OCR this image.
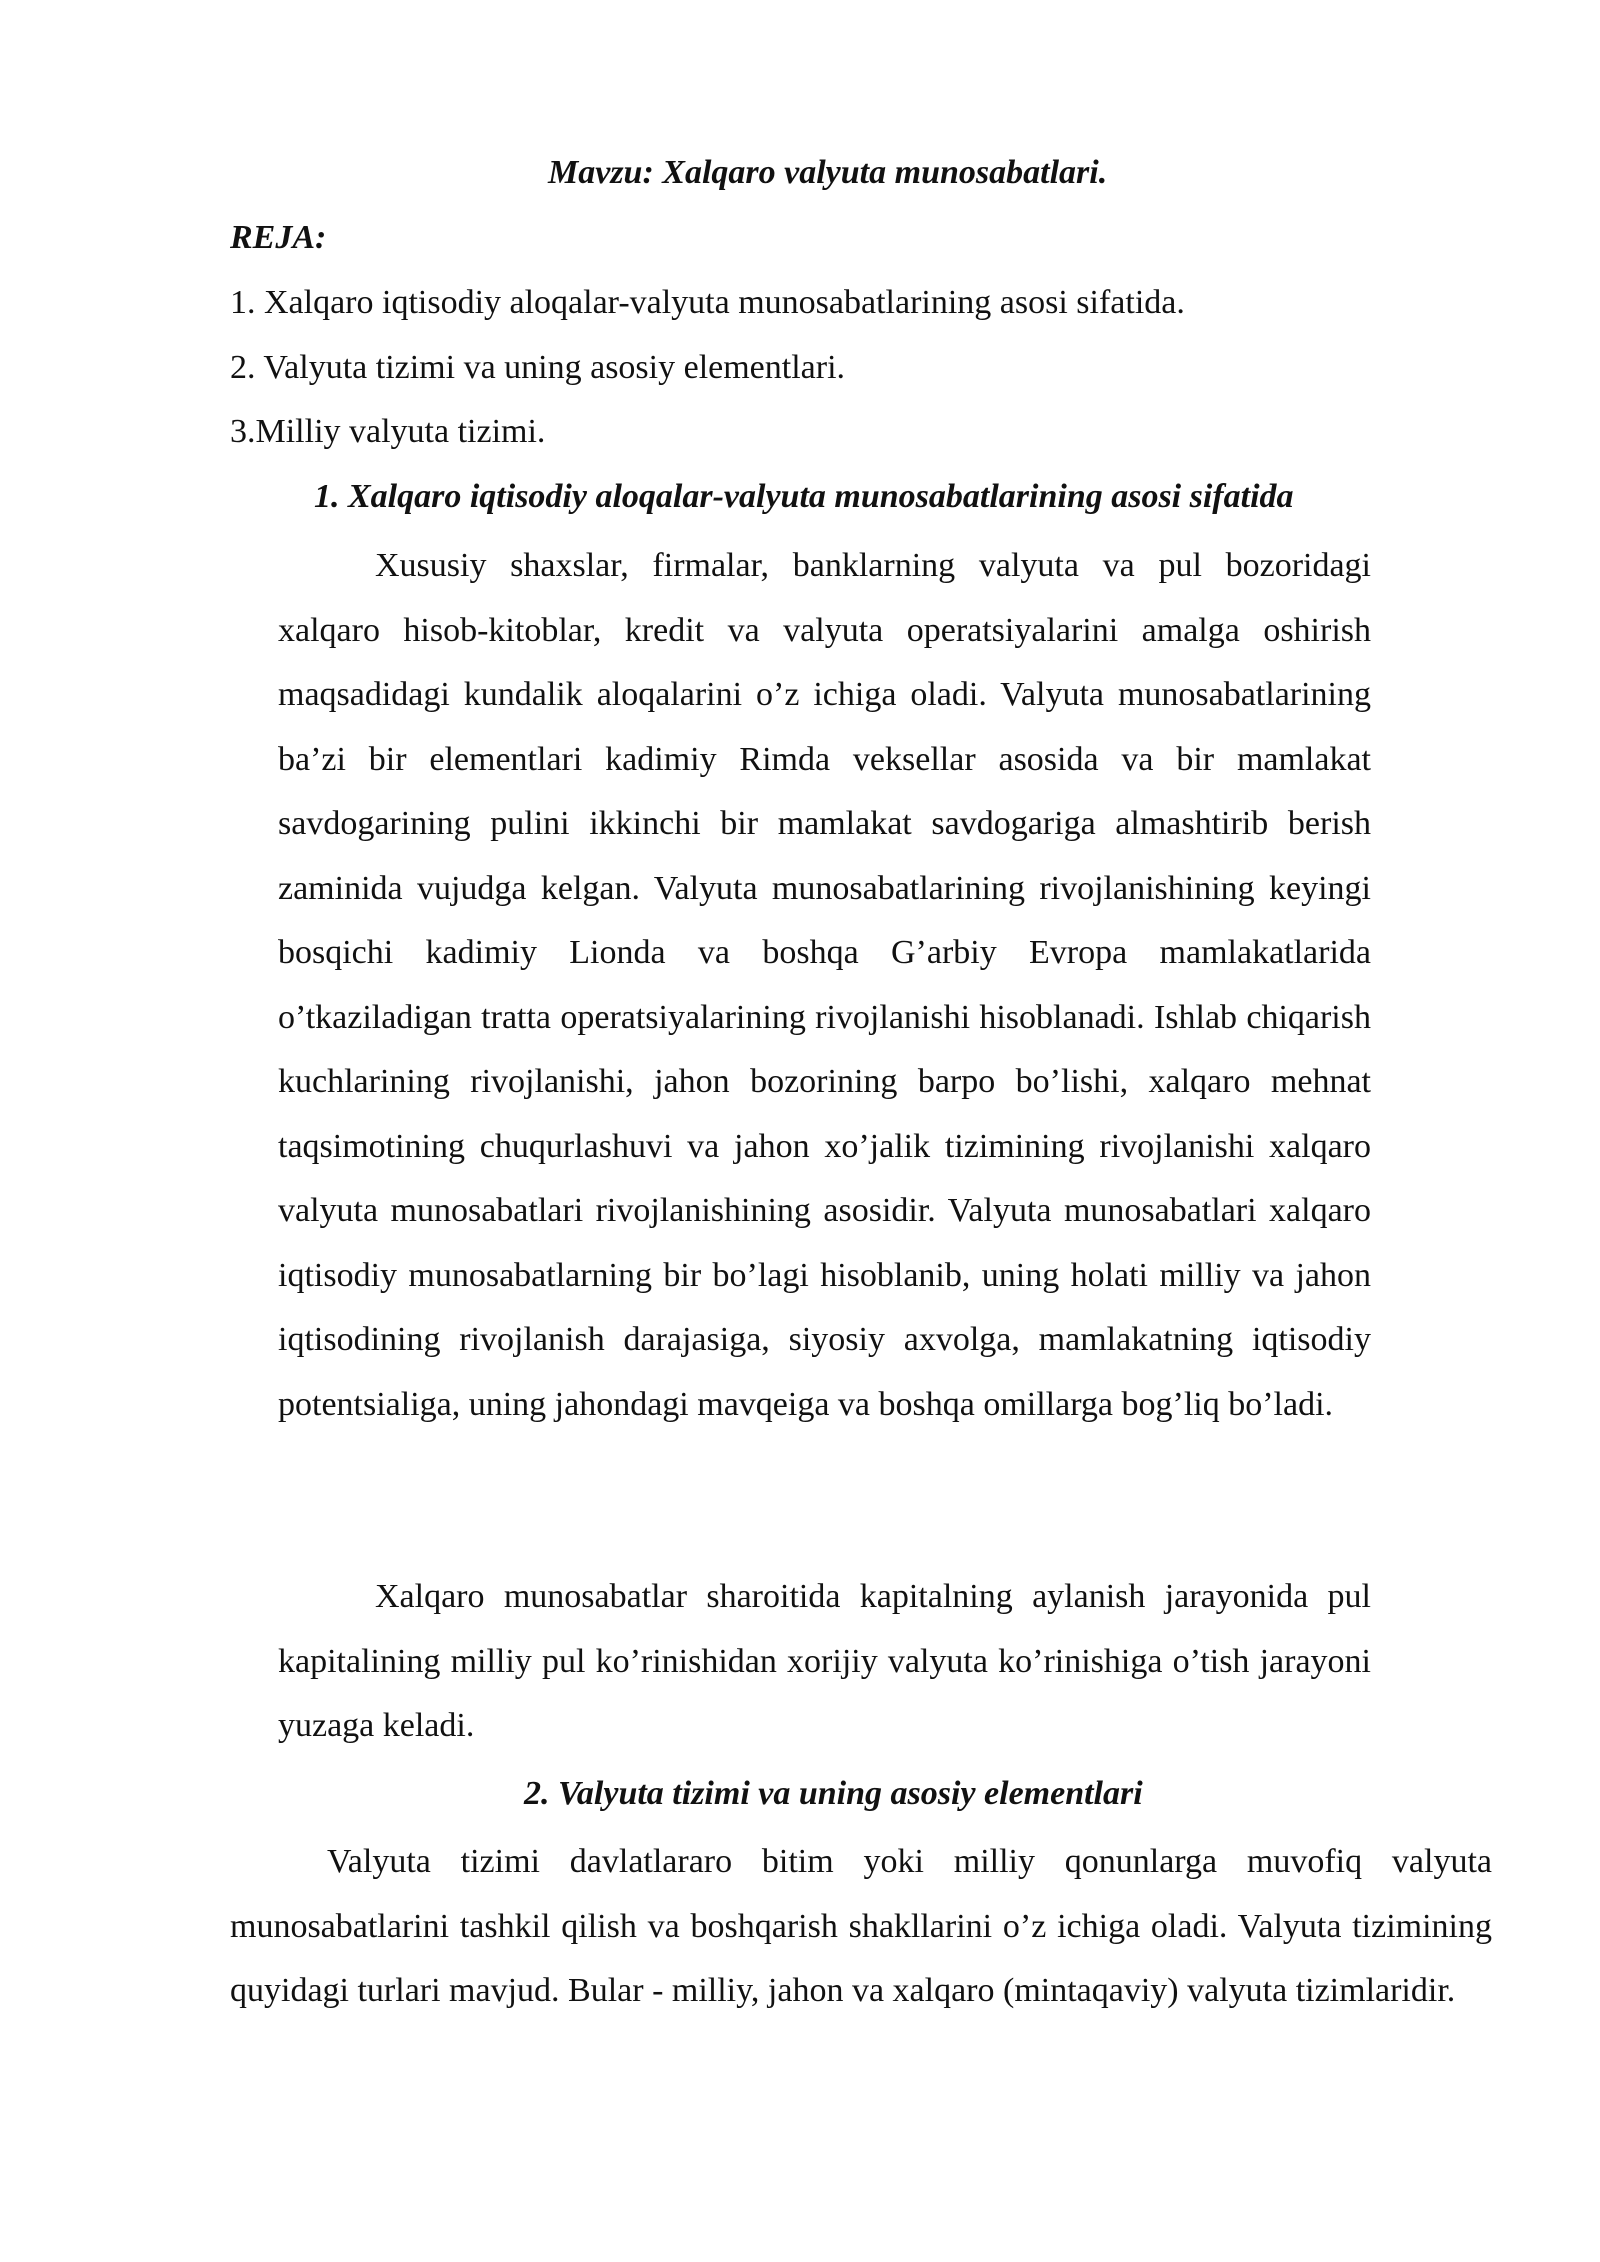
Mavzu: Xalqaro valyuta munosabatlari.
REJA:
1. Xalqaro iqtisodiy aloqalar-valyuta munosabatlarining asosi sifatida.
2. Valyuta tizimi va uning asosiy elementlari.
3.Milliy valyuta tizimi.
1. Xalqaro iqtisodiy aloqalar-valyuta munosabatlarining asosi sifatida

Xususiy shaxslar, firmalar, banklarning valyuta va pul bozoridagi xalqaro hisob-kitoblar, kredit va valyuta operatsiyalarini amalga oshirish maqsadidagi kundalik aloqalarini o’z ichiga oladi. Valyuta munosabatlarining ba’zi bir elementlari kadimiy Rimda veksellar asosida va bir mamlakat savdogarining pulini ikkinchi bir mamlakat savdogariga almashtirib berish zaminida vujudga kelgan. Valyuta munosabatlarining rivojlanishining keyingi bosqichi kadimiy Lionda va boshqa G’arbiy Evropa mamlakatlarida o’tkaziladigan tratta operatsiyalarining rivojlanishi hisoblanadi. Ishlab chiqarish kuchlarining rivojlanishi, jahon bozorining barpo bo’lishi, xalqaro mehnat taqsimotining chuqurlashuvi va jahon xo’jalik tizimining rivojlanishi xalqaro valyuta munosabatlari rivojlanishining asosidir. Valyuta munosabatlari xalqaro iqtisodiy munosabatlarning bir bo’lagi hisoblanib, uning holati milliy va jahon iqtisodining rivojlanish darajasiga, siyosiy axvolga, mamlakatning iqtisodiy potentsialiga, uning jahondagi mavqeiga va boshqa omillarga bog’liq bo’ladi.

Xalqaro munosabatlar sharoitida kapitalning aylanish jarayonida pul kapitalining milliy pul ko’rinishidan xorijiy valyuta ko’rinishiga o’tish jarayoni yuzaga keladi.

2. Valyuta tizimi va uning asosiy elementlari

Valyuta tizimi davlatlararo bitim yoki milliy qonunlarga muvofiq valyuta munosabatlarini tashkil qilish va boshqarish shakllarini o’z ichiga oladi. Valyuta tizimining quyidagi turlari mavjud. Bular - milliy, jahon va xalqaro (mintaqaviy) valyuta tizimlaridir.
